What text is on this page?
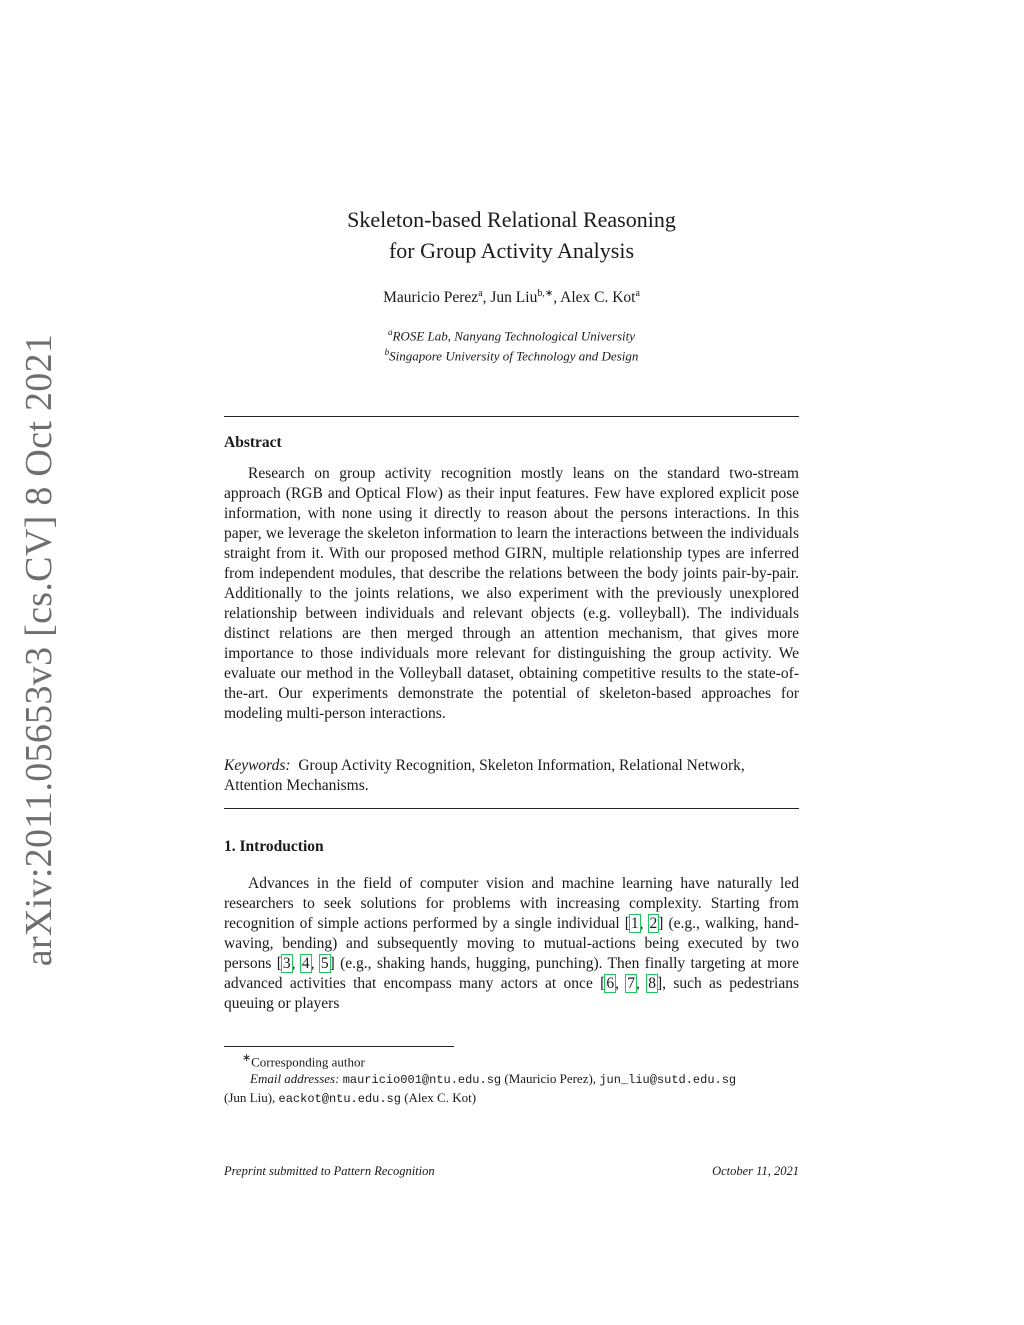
arXiv:2011.05653v3 [cs.CV] 8 Oct 2021
Skeleton-based Relational Reasoning
for Group Activity Analysis
Mauricio Perez$^a$, Jun Liu$^{b,∗}$, Alex C. Kot$^a$
$^a$ROSE Lab, Nanyang Technological University
$^b$Singapore University of Technology and Design
Abstract
Research on group activity recognition mostly leans on the standard two-stream approach (RGB and Optical Flow) as their input features. Few have explored explicit pose information, with none using it directly to reason about the persons interactions. In this paper, we leverage the skeleton information to learn the interactions between the individuals straight from it. With our proposed method GIRN, multiple relationship types are inferred from independent modules, that describe the relations between the body joints pair-by-pair. Additionally to the joints relations, we also experiment with the previously unexplored relationship between individuals and relevant objects (e.g. volleyball). The individuals distinct relations are then merged through an attention mechanism, that gives more importance to those individuals more relevant for distinguishing the group activity. We evaluate our method in the Volleyball dataset, obtaining competitive results to the state-of-the-art. Our experiments demonstrate the potential of skeleton-based approaches for modeling multi-person interactions.
Keywords: Group Activity Recognition, Skeleton Information, Relational Network, Attention Mechanisms.
1. Introduction
Advances in the field of computer vision and machine learning have naturally led researchers to seek solutions for problems with increasing complexity. Starting from recognition of simple actions performed by a single individual [1, 2] (e.g., walking, hand-waving, bending) and subsequently moving to mutual-actions being executed by two persons [3, 4, 5] (e.g., shaking hands, hugging, punching). Then finally targeting at more advanced activities that encompass many actors at once [6, 7, 8], such as pedestrians queuing or players
∗Corresponding author
Email addresses: mauricio001@ntu.edu.sg (Mauricio Perez), jun_liu@sutd.edu.sg
(Jun Liu), eackot@ntu.edu.sg (Alex C. Kot)
Preprint submitted to Pattern Recognition	October 11, 2021
